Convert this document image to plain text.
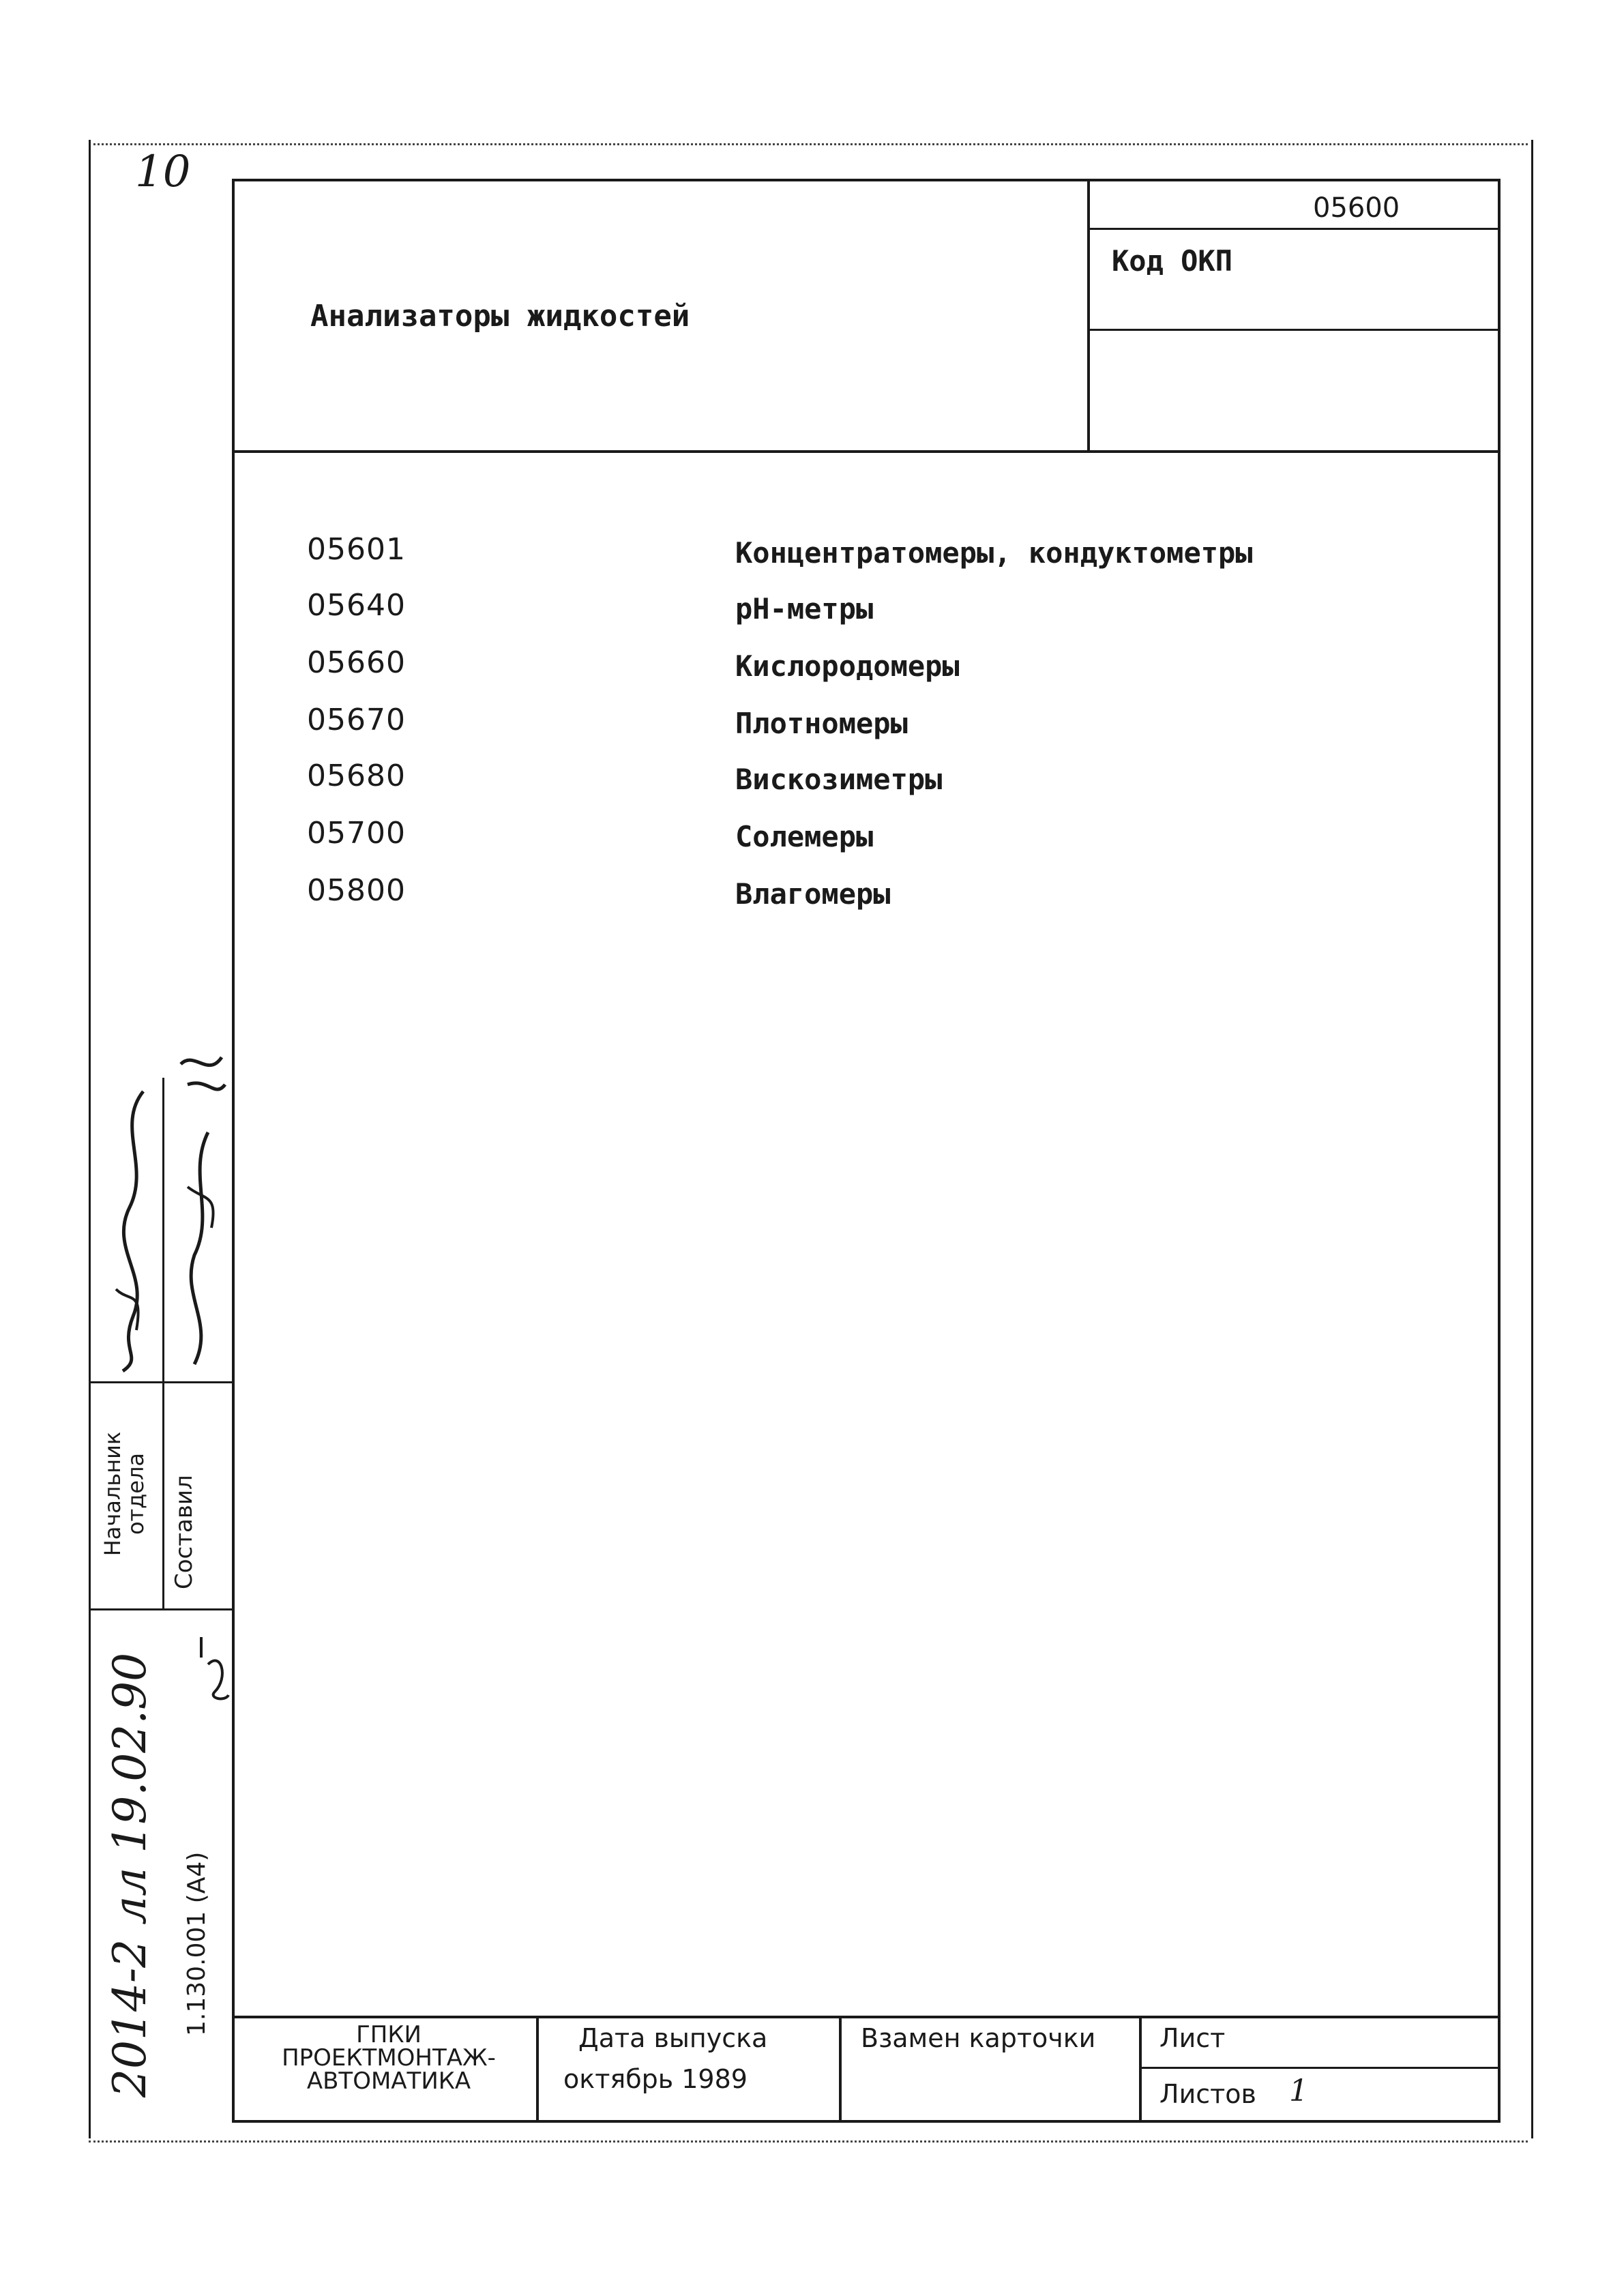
10
05600
Код ОКП
Анализаторы жидкостей
05601	Концентратомеры, кондуктометры
05640	рН-метры
05660	Кислородомеры
05670	Плотномеры
05680	Вискозиметры
05700	Солемеры
05800	Влагомеры
ГПКИ ПРОЕКТМОНТАЖ- АВТОМАТИКА
Дата выпуска
октябрь 1989
Взамен карточки Лист
Листов 1
Начальник отдела Составил
1.130.001 (A4)
2014-2 лл 19.02.90
